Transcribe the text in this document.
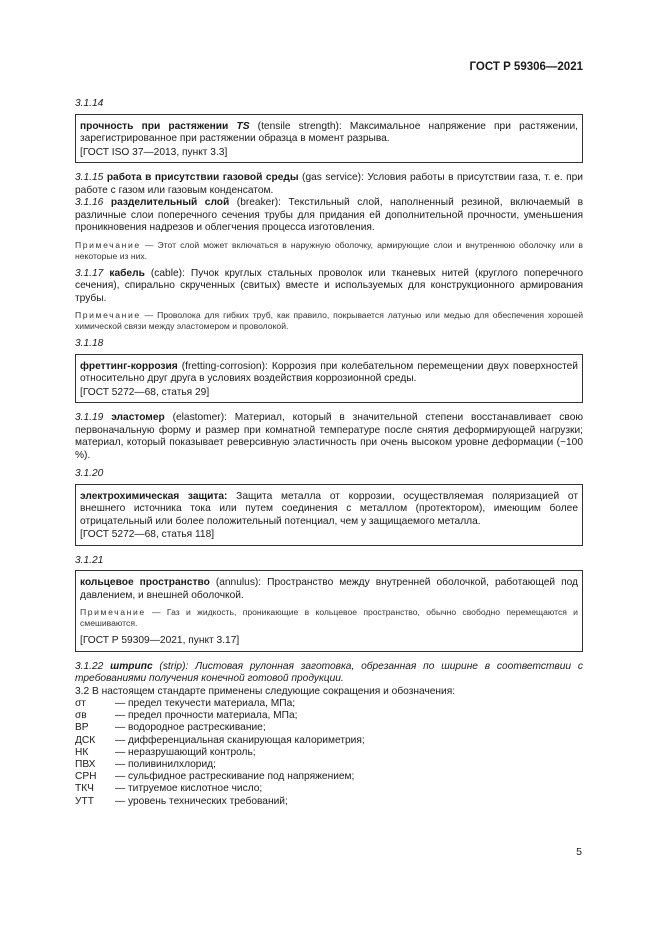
ГОСТ Р 59306—2021
3.1.14
прочность при растяжении TS (tensile strength): Максимальное напряжение при растяжении, зарегистрированное при растяжении образца в момент разрыва.
[ГОСТ ISO 37—2013, пункт 3.3]
3.1.15 работа в присутствии газовой среды (gas service): Условия работы в присутствии газа, т. е. при работе с газом или газовым конденсатом.
3.1.16 разделительный слой (breaker): Текстильный слой, наполненный резиной, включаемый в различные слои поперечного сечения трубы для придания ей дополнительной прочности, уменьшения проникновения надрезов и облегчения процесса изготовления.
Примечание — Этот слой может включаться в наружную оболочку, армирующие слои и внутреннюю оболочку или в некоторые из них.
3.1.17 кабель (cable): Пучок круглых стальных проволок или тканевых нитей (круглого поперечного сечения), спирально скрученных (свитых) вместе и используемых для конструкционного армирования трубы.
Примечание — Проволока для гибких труб, как правило, покрывается латунью или медью для обеспечения хорошей химической связи между эластомером и проволокой.
3.1.18
фреттинг-коррозия (fretting-corrosion): Коррозия при колебательном перемещении двух поверхностей относительно друг друга в условиях воздействия коррозионной среды.
[ГОСТ 5272—68, статья 29]
3.1.19 эластомер (elastomer): Материал, который в значительной степени восстанавливает свою первоначальную форму и размер при комнатной температуре после снятия деформирующей нагрузки; материал, который показывает реверсивную эластичность при очень высоком уровне деформации (~100 %).
3.1.20
электрохимическая защита: Защита металла от коррозии, осуществляемая поляризацией от внешнего источника тока или путем соединения с металлом (протектором), имеющим более отрицательный или более положительный потенциал, чем у защищаемого металла.
[ГОСТ 5272—68, статья 118]
3.1.21
кольцевое пространство (annulus): Пространство между внутренней оболочкой, работающей под давлением, и внешней оболочкой.
Примечание — Газ и жидкость, проникающие в кольцевое пространство, обычно свободно перемещаются и смешиваются.
[ГОСТ Р 59309—2021, пункт 3.17]
3.1.22 штрипс (strip): Листовая рулонная заготовка, обрезанная по ширине в соответствии с требованиями получения конечной готовой продукции.
3.2 В настоящем стандарте применены следующие сокращения и обозначения:
σт	— предел текучести материала, МПа;
σв	— предел прочности материала, МПа;
ВР	— водородное растрескивание;
ДСК	— дифференциальная сканирующая калориметрия;
НК	— неразрушающий контроль;
ПВХ	— поливинилхлорид;
СРН	— сульфидное растрескивание под напряжением;
ТКЧ	— титруемое кислотное число;
УТТ	— уровень технических требований;
5
